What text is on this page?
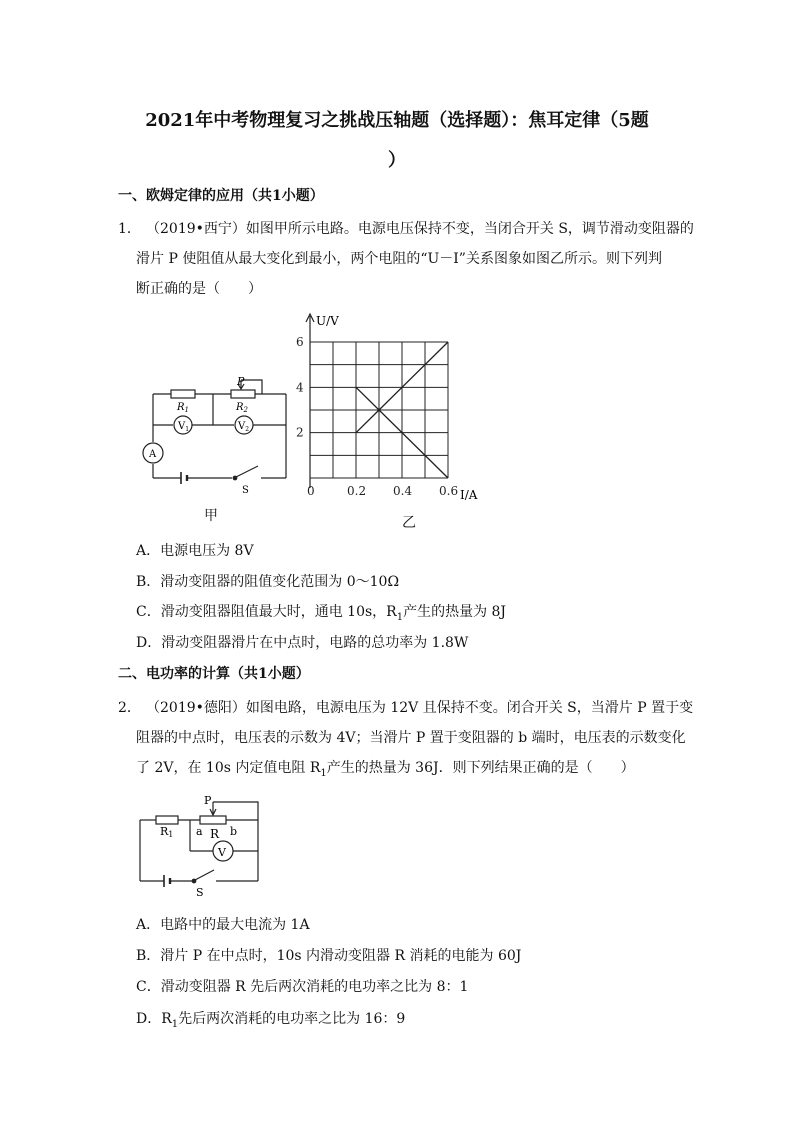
2021年中考物理复习之挑战压轴题（选择题）：焦耳定律（5题
）
一、欧姆定律的应用（共1小题）
1． （2019•西宁）如图甲所示电路。电源电压保持不变，当闭合开关 S，调节滑动变阻器的
滑片 P 使阻值从最大变化到最小，两个电阻的“U－I”关系图象如图乙所示。则下列判
断正确的是（　　）
P
$R_1$	$R_2$
$V_1$	$V_2$
A
S
甲
0	0.2 0.4 0.6
2
4
6
U/V
I/A
乙
A．电源电压为 8V
B．滑动变阻器的阻值变化范围为 0～10Ω
C．滑动变阻器阻值最大时，通电 10s，$R_1$产生的热量为 8J
D．滑动变阻器滑片在中点时，电路的总功率为 1.8W
二、电功率的计算（共1小题）
2． （2019•德阳）如图电路，电源电压为 12V 且保持不变。闭合开关 S，当滑片 P 置于变
阻器的中点时，电压表的示数为 4V；当滑片 P 置于变阻器的 b 端时，电压表的示数变化
了 2V，在 10s 内定值电阻 $R_1$产生的热量为 36J．则下列结果正确的是（　　）
P
R1 a R b
V
S
A．电路中的最大电流为 1A
B．滑片 P 在中点时，10s 内滑动变阻器 R 消耗的电能为 60J
C．滑动变阻器 R 先后两次消耗的电功率之比为 8：1
D．$R_1$先后两次消耗的电功率之比为 16：9
